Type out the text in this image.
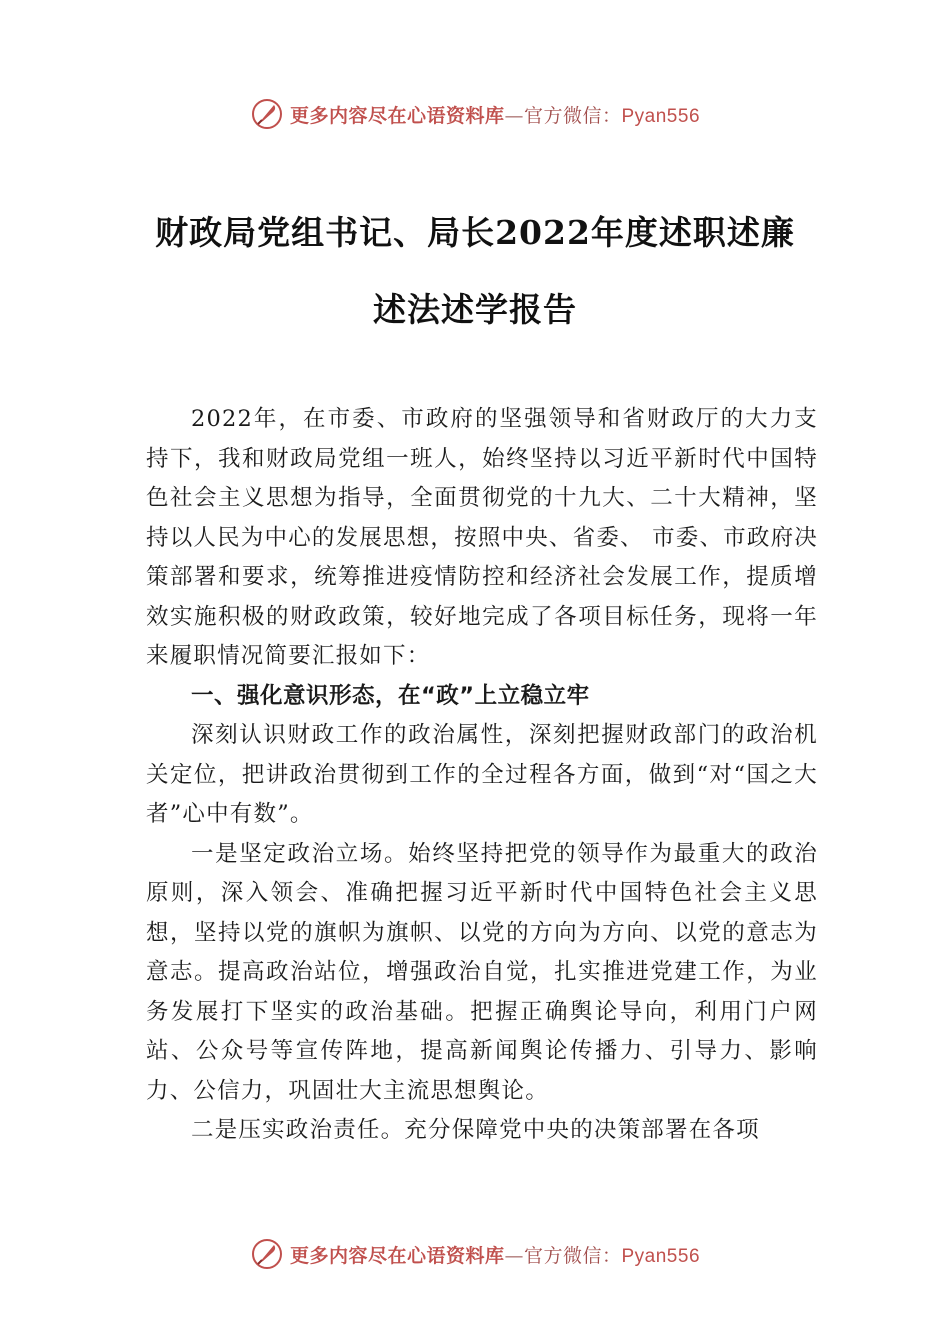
更多内容尽在心语资料库—官方微信：Pyan556
财政局党组书记、局长2022年度述职述廉
述法述学报告

2022年，在市委、市政府的坚强领导和省财政厅的大力支持下，我和财政局党组一班人，始终坚持以习近平新时代中国特色社会主义思想为指导，全面贯彻党的十九大、二十大精神，坚持以人民为中心的发展思想，按照中央、省委、 市委、市政府决策部署和要求，统筹推进疫情防控和经济社会发展工作，提质增效实施积极的财政政策，较好地完成了各项目标任务，现将一年来履职情况简要汇报如下：

一、强化意识形态，在“政”上立稳立牢

深刻认识财政工作的政治属性，深刻把握财政部门的政治机关定位，把讲政治贯彻到工作的全过程各方面，做到“对“国之大者”心中有数”。

一是坚定政治立场。始终坚持把党的领导作为最重大的政治原则，深入领会、准确把握习近平新时代中国特色社会主义思想，坚持以党的旗帜为旗帜、以党的方向为方向、以党的意志为意志。提高政治站位，增强政治自觉，扎实推进党建工作，为业务发展打下坚实的政治基础。把握正确舆论导向，利用门户网站、公众号等宣传阵地，提高新闻舆论传播力、引导力、影响力、公信力，巩固壮大主流思想舆论。

二是压实政治责任。充分保障党中央的决策部署在各项

更多内容尽在心语资料库—官方微信：Pyan556
